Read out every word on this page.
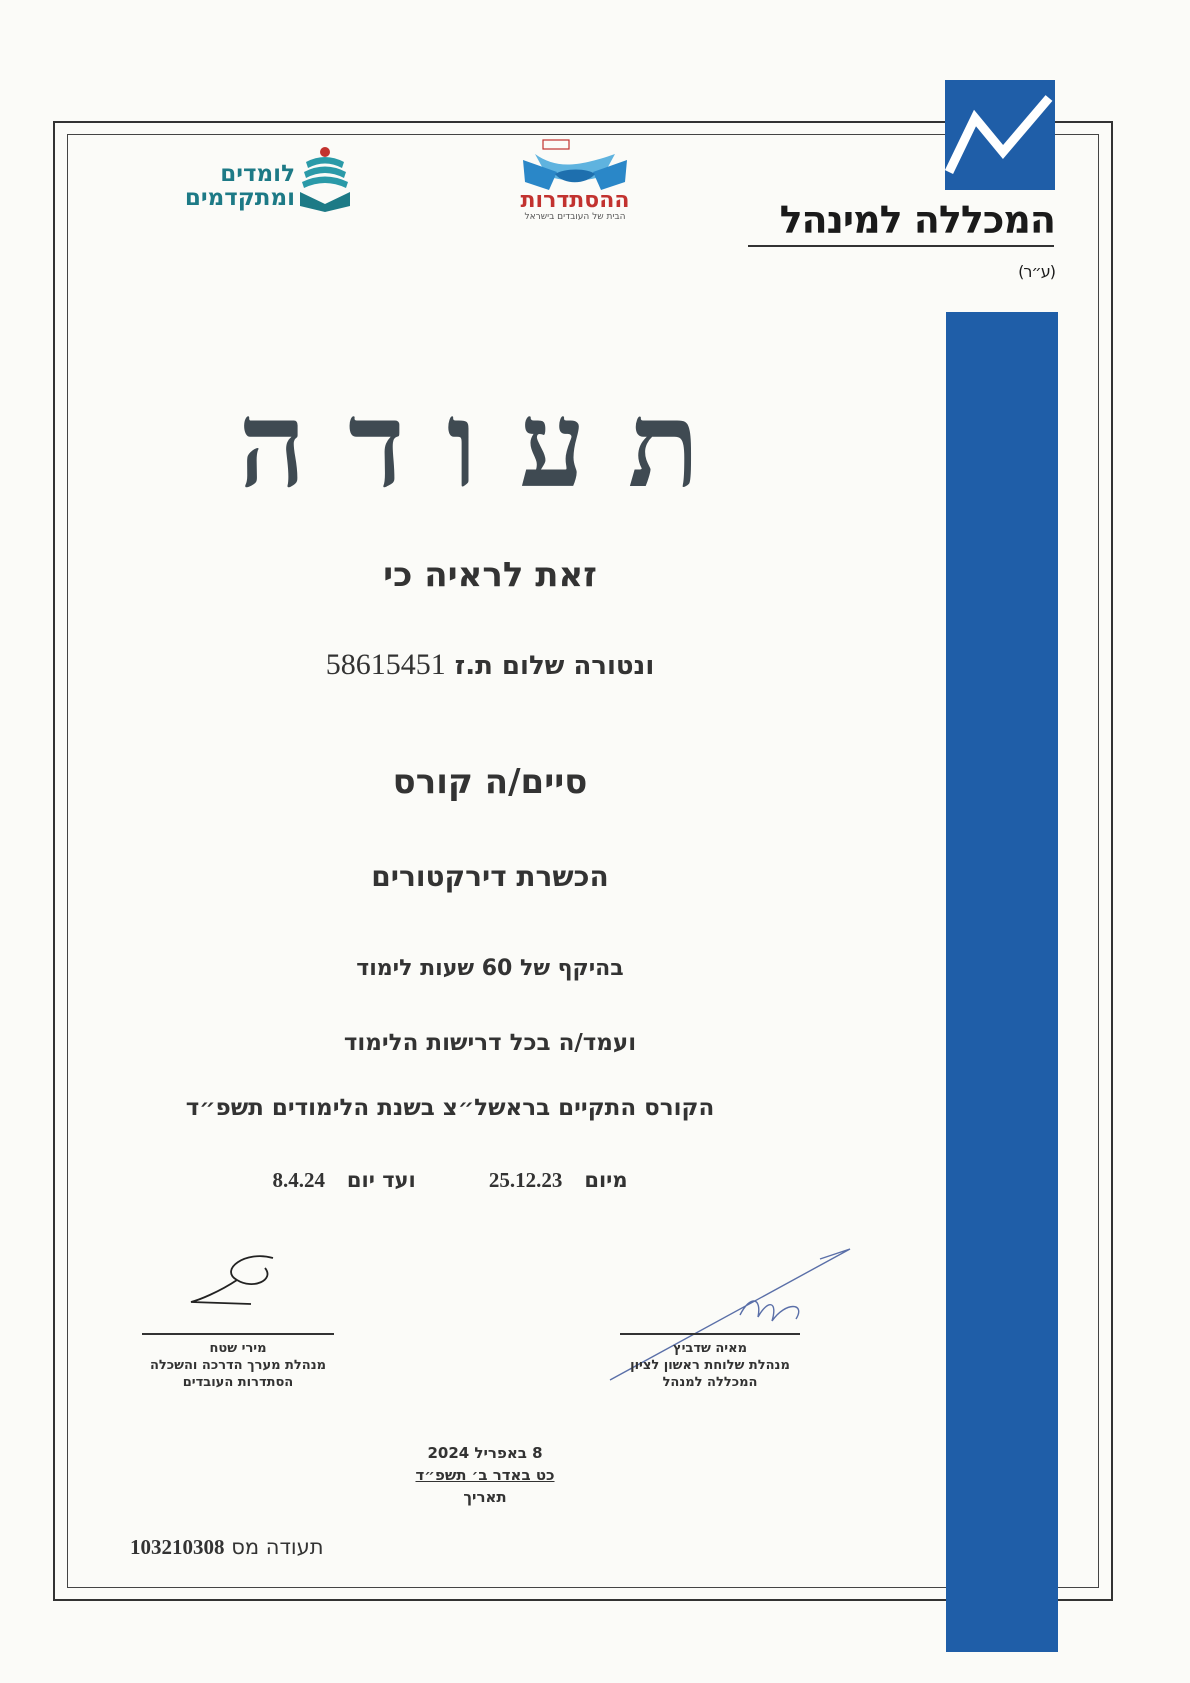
המכללה למינהל (ע״ר)
ההסתדרות
הבית של העובדים בישראל
לומדים
ומתקדמים
תעודה
זאת לראיה כי
ונטורה שלום ת.ז 58615451
סיים/ה קורס
הכשרת דירקטורים
בהיקף של 60 שעות לימוד
ועמד/ה בכל דרישות הלימוד
הקורס התקיים בראשל״צ בשנת הלימודים תשפ״ד
מיום   25.12.23          ועד יום   8.4.24
מירי שטח
מנהלת מערך הדרכה והשכלה
הסתדרות העובדים
מאיה שדביץ
מנהלת שלוחת ראשון לציון
המכללה למנהל
8 באפריל 2024
כט באדר ב׳ תשפ״ד
תאריך
תעודה מס 103210308
